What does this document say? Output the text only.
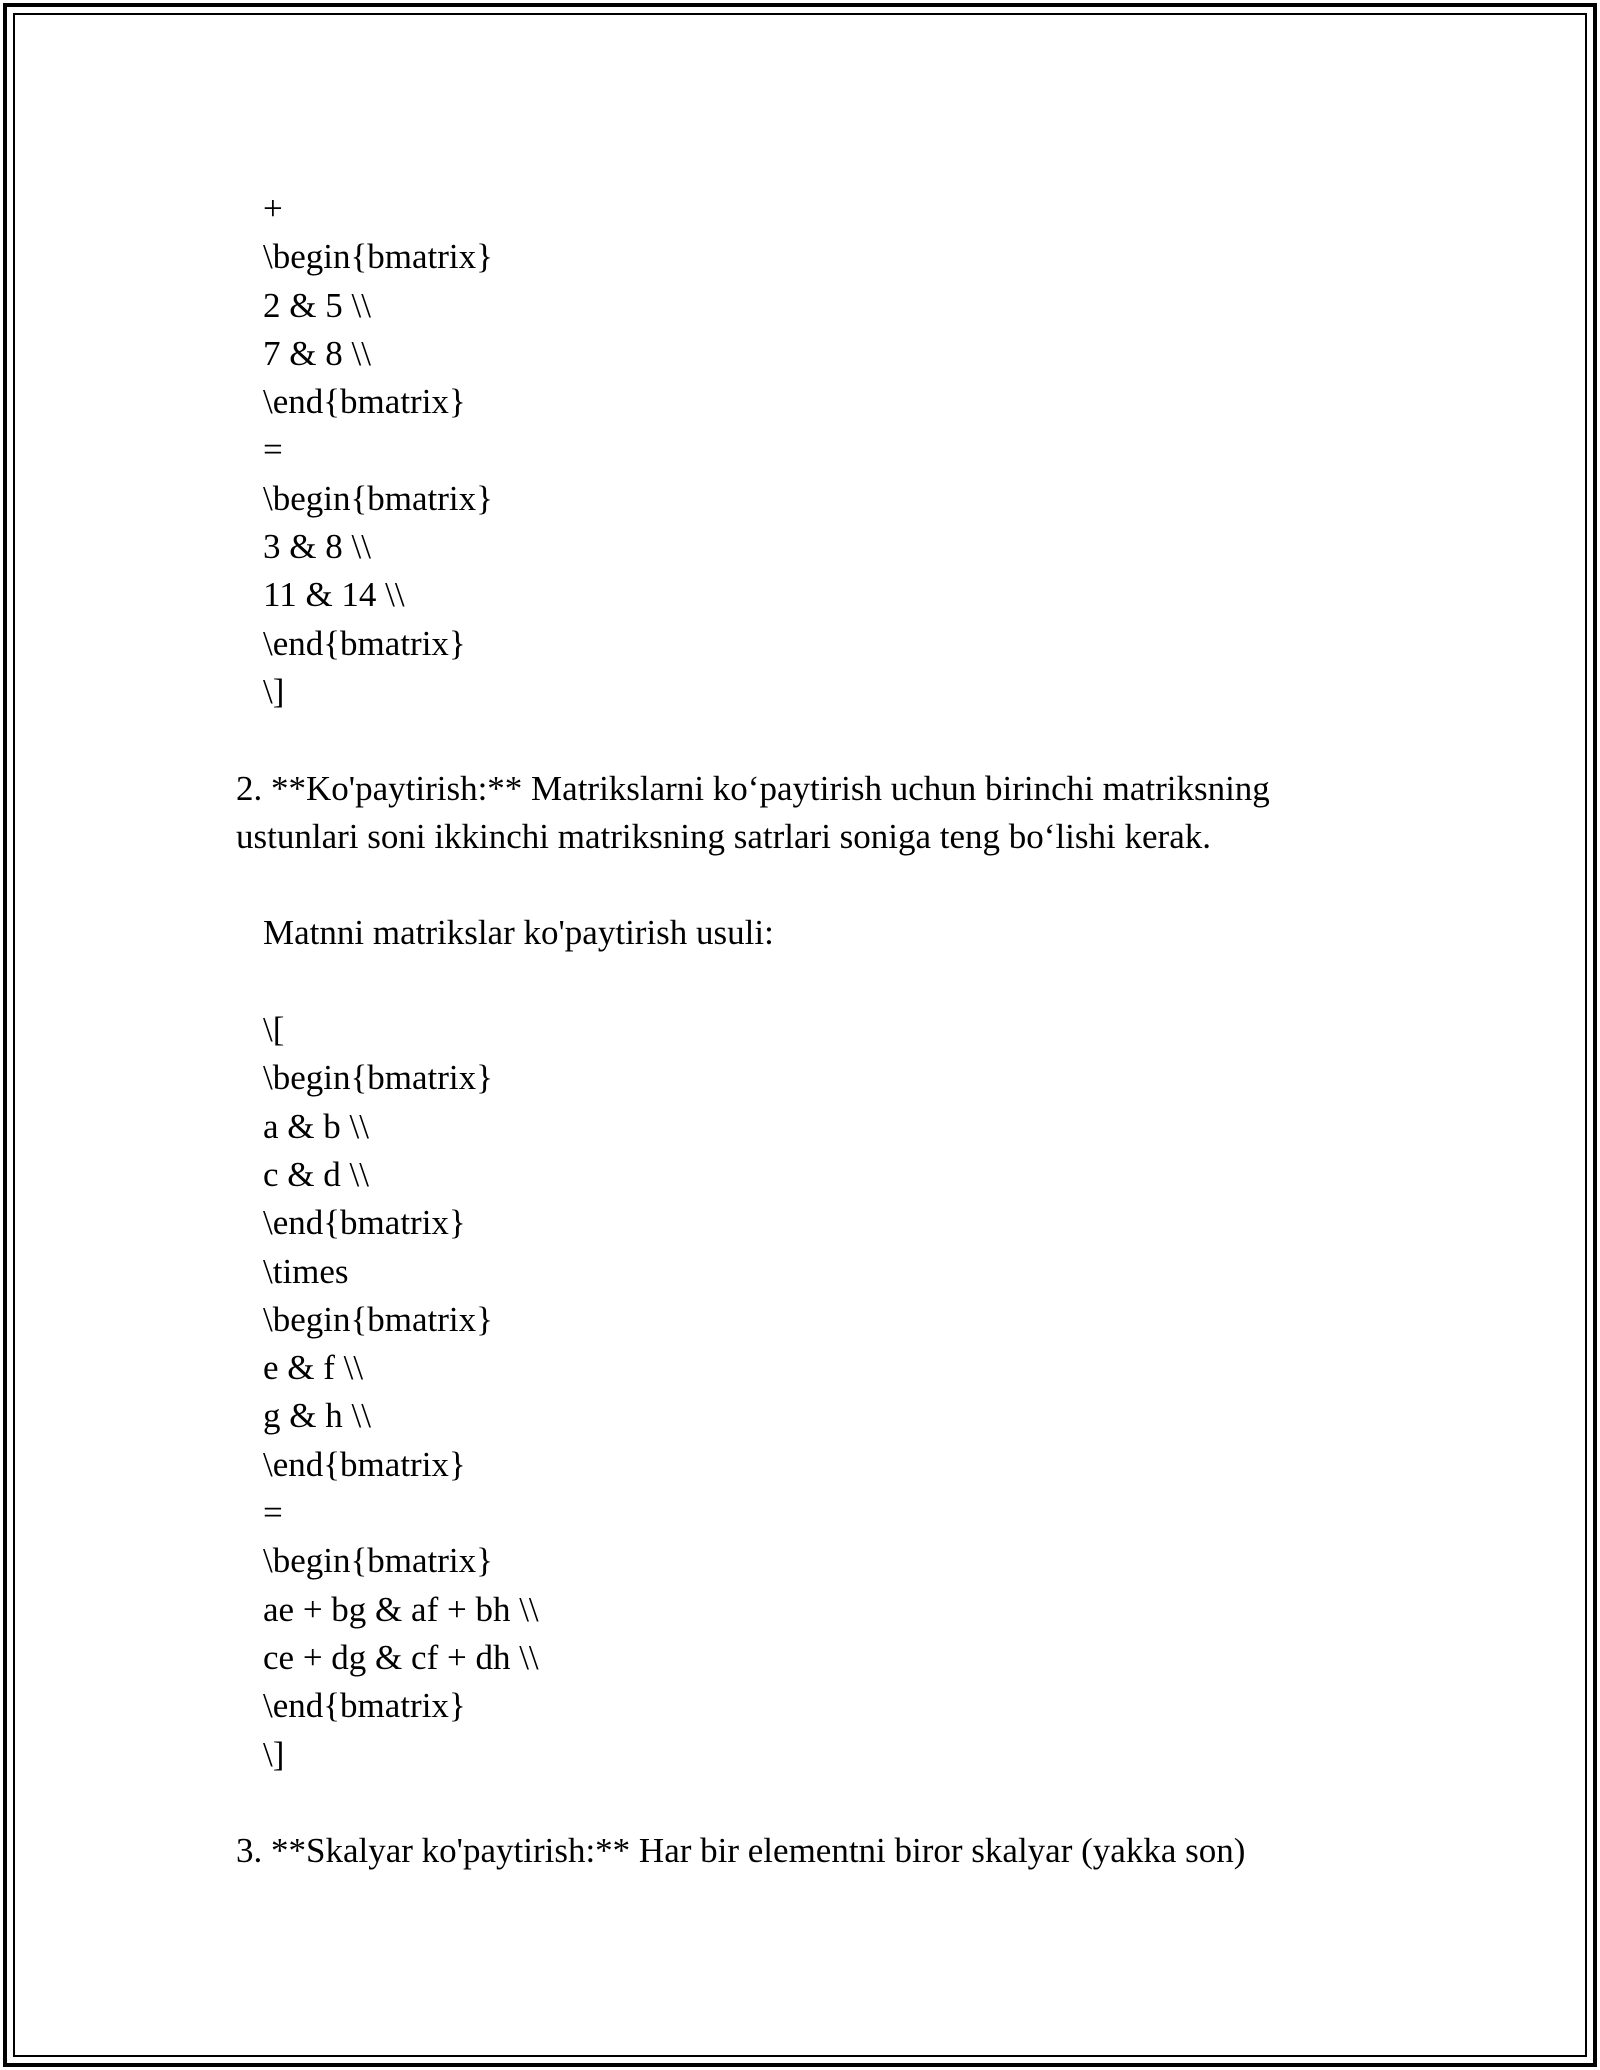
+
\begin{bmatrix}
2 & 5 \\
7 & 8 \\
\end{bmatrix}
=
\begin{bmatrix}
3 & 8 \\
11 & 14 \\
\end{bmatrix}
\]
2. **Ko'paytirish:** Matrikslarni ko‘paytirish uchun birinchi matriksning
ustunlari soni ikkinchi matriksning satrlari soniga teng bo‘lishi kerak.
Matnni matrikslar ko'paytirish usuli:
\[
\begin{bmatrix}
a & b \\
c & d \\
\end{bmatrix}
\times
\begin{bmatrix}
e & f \\
g & h \\
\end{bmatrix}
=
\begin{bmatrix}
ae + bg & af + bh \\
ce + dg & cf + dh \\
\end{bmatrix}
\]
3. **Skalyar ko'paytirish:** Har bir elementni biror skalyar (yakka son)
